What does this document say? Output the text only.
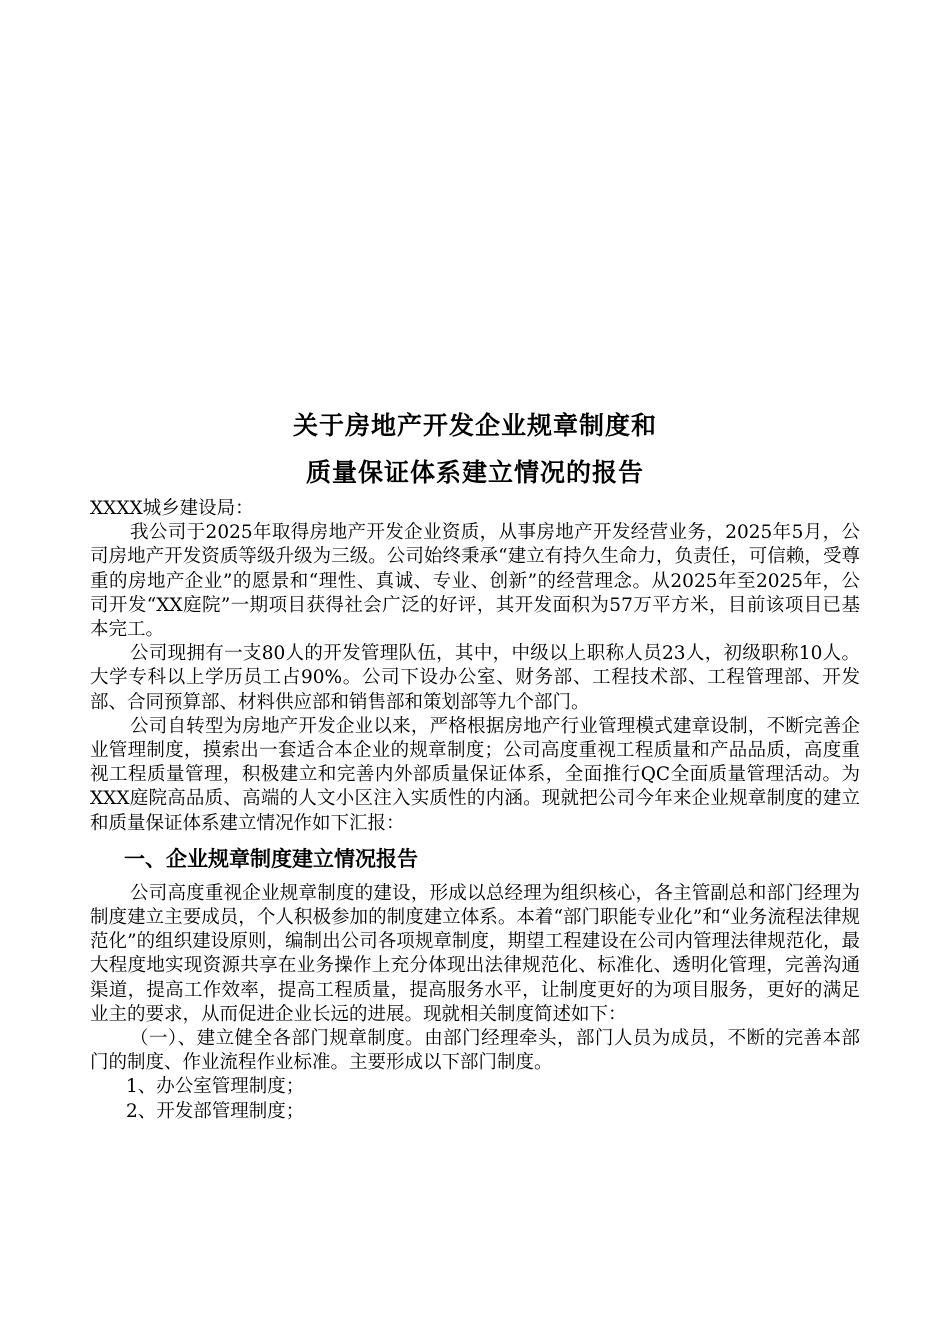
关于房地产开发企业规章制度和
质量保证体系建立情况的报告

XXXX城乡建设局：

我公司于2025年取得房地产开发企业资质，从事房地产开发经营业务，2025年5月，公司房地产开发资质等级升级为三级。公司始终秉承“建立有持久生命力，负责任，可信赖，受尊重的房地产企业”的愿景和“理性、真诚、专业、创新”的经营理念。从2025年至2025年，公司开发“XX庭院”一期项目获得社会广泛的好评，其开发面积为57万平方米，目前该项目已基本完工。

公司现拥有一支80人的开发管理队伍，其中，中级以上职称人员23人，初级职称10人。大学专科以上学历员工占90%。公司下设办公室、财务部、工程技术部、工程管理部、开发部、合同预算部、材料供应部和销售部和策划部等九个部门。

公司自转型为房地产开发企业以来，严格根据房地产行业管理模式建章设制，不断完善企业管理制度，摸索出一套适合本企业的规章制度；公司高度重视工程质量和产品品质，高度重视工程质量管理，积极建立和完善内外部质量保证体系，全面推行QC全面质量管理活动。为XXX庭院高品质、高端的人文小区注入实质性的内涵。现就把公司今年来企业规章制度的建立和质量保证体系建立情况作如下汇报：

一、企业规章制度建立情况报告

公司高度重视企业规章制度的建设，形成以总经理为组织核心，各主管副总和部门经理为制度建立主要成员，个人积极参加的制度建立体系。本着“部门职能专业化”和“业务流程法律规范化”的组织建设原则，编制出公司各项规章制度，期望工程建设在公司内管理法律规范化，最大程度地实现资源共享在业务操作上充分体现出法律规范化、标准化、透明化管理，完善沟通渠道，提高工作效率，提高工程质量，提高服务水平，让制度更好的为项目服务，更好的满足业主的要求，从而促进企业长远的进展。现就相关制度简述如下：

（一）、建立健全各部门规章制度。由部门经理牵头，部门人员为成员，不断的完善本部门的制度、作业流程作业标准。主要形成以下部门制度。

1、办公室管理制度；

2、开发部管理制度；
